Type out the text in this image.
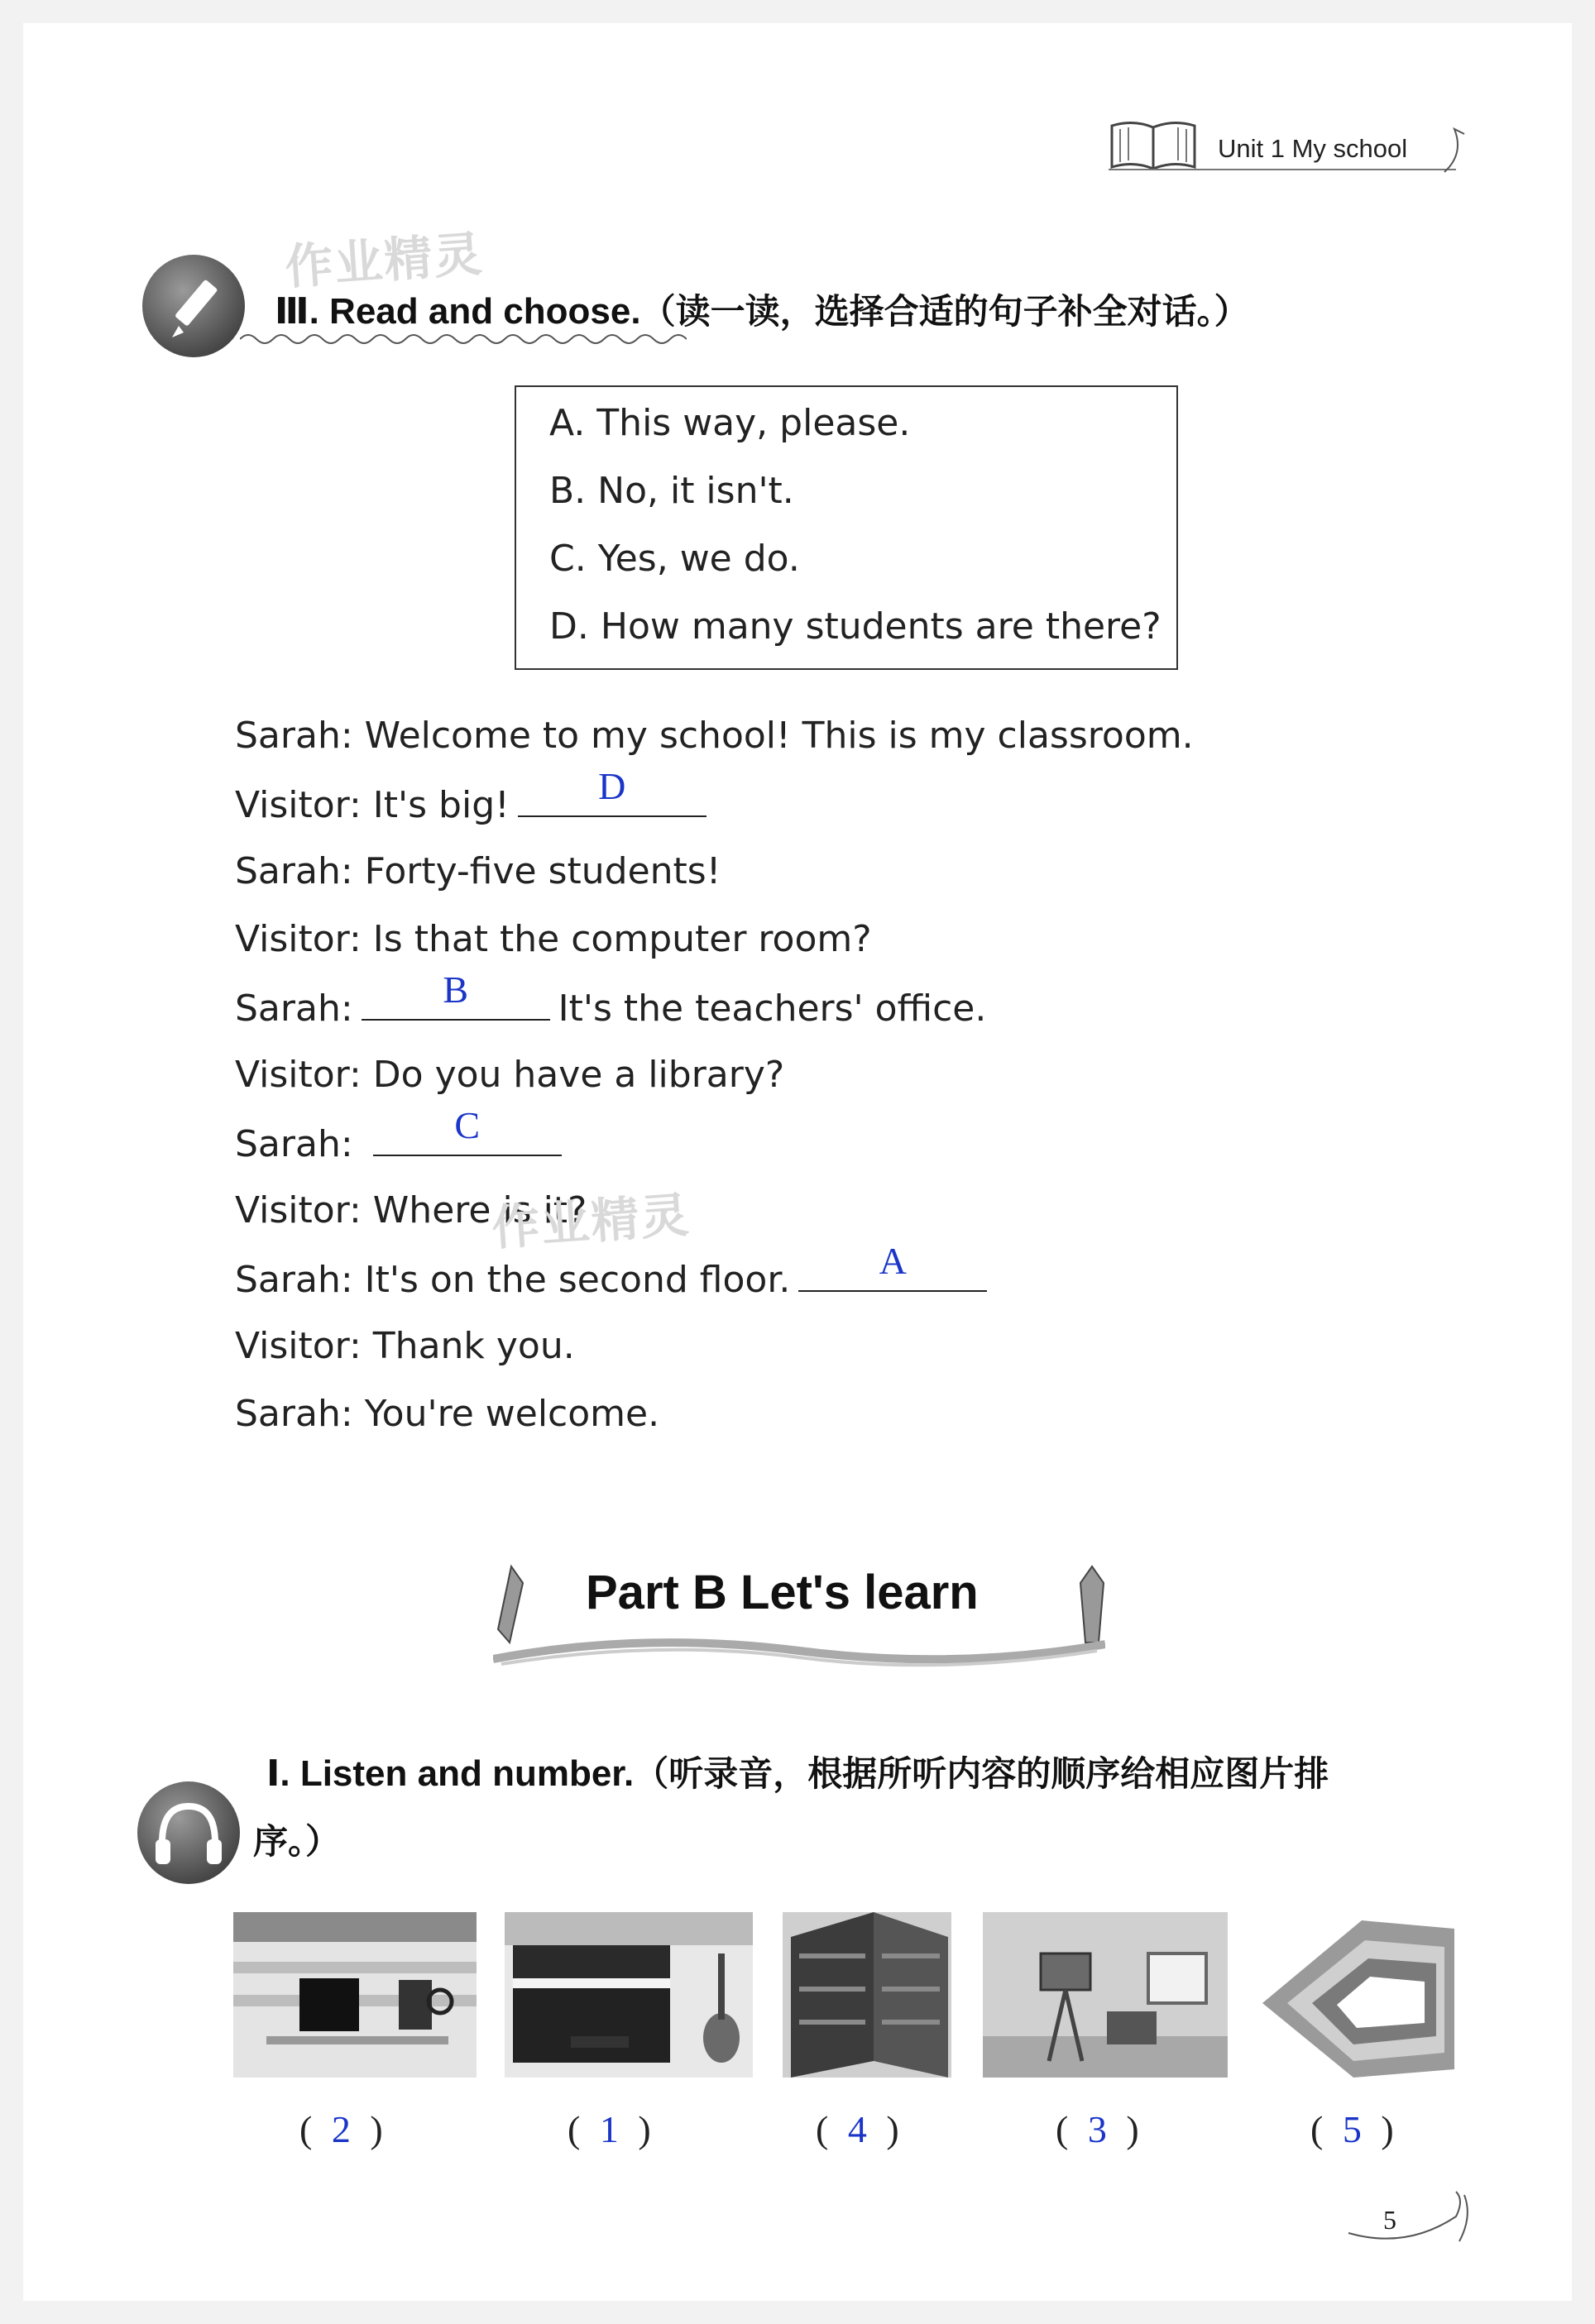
Unit 1 My school
作业精灵
Ⅲ. Read and choose.（读一读，选择合适的句子补全对话。）
A. This way, please.
B. No, it isn't.
C. Yes, we do.
D. How many students are there?
Sarah: Welcome to my school! This is my classroom.
Visitor: It's big!	D
Sarah: Forty-five students!
Visitor: Is that the computer room?
Sarah:	B	It's the teachers' office.
Visitor: Do you have a library?
Sarah:	C
Visitor: Where is it?
作业精灵
Sarah: It's on the second floor.	A
Visitor: Thank you.
Sarah: You're welcome.
Part B Let's learn
Ⅰ. Listen and number.（听录音，根据所听内容的顺序给相应图片排
序。）
( 2 )	( 1 )	( 4 )	( 3 )	( 5 )
5
